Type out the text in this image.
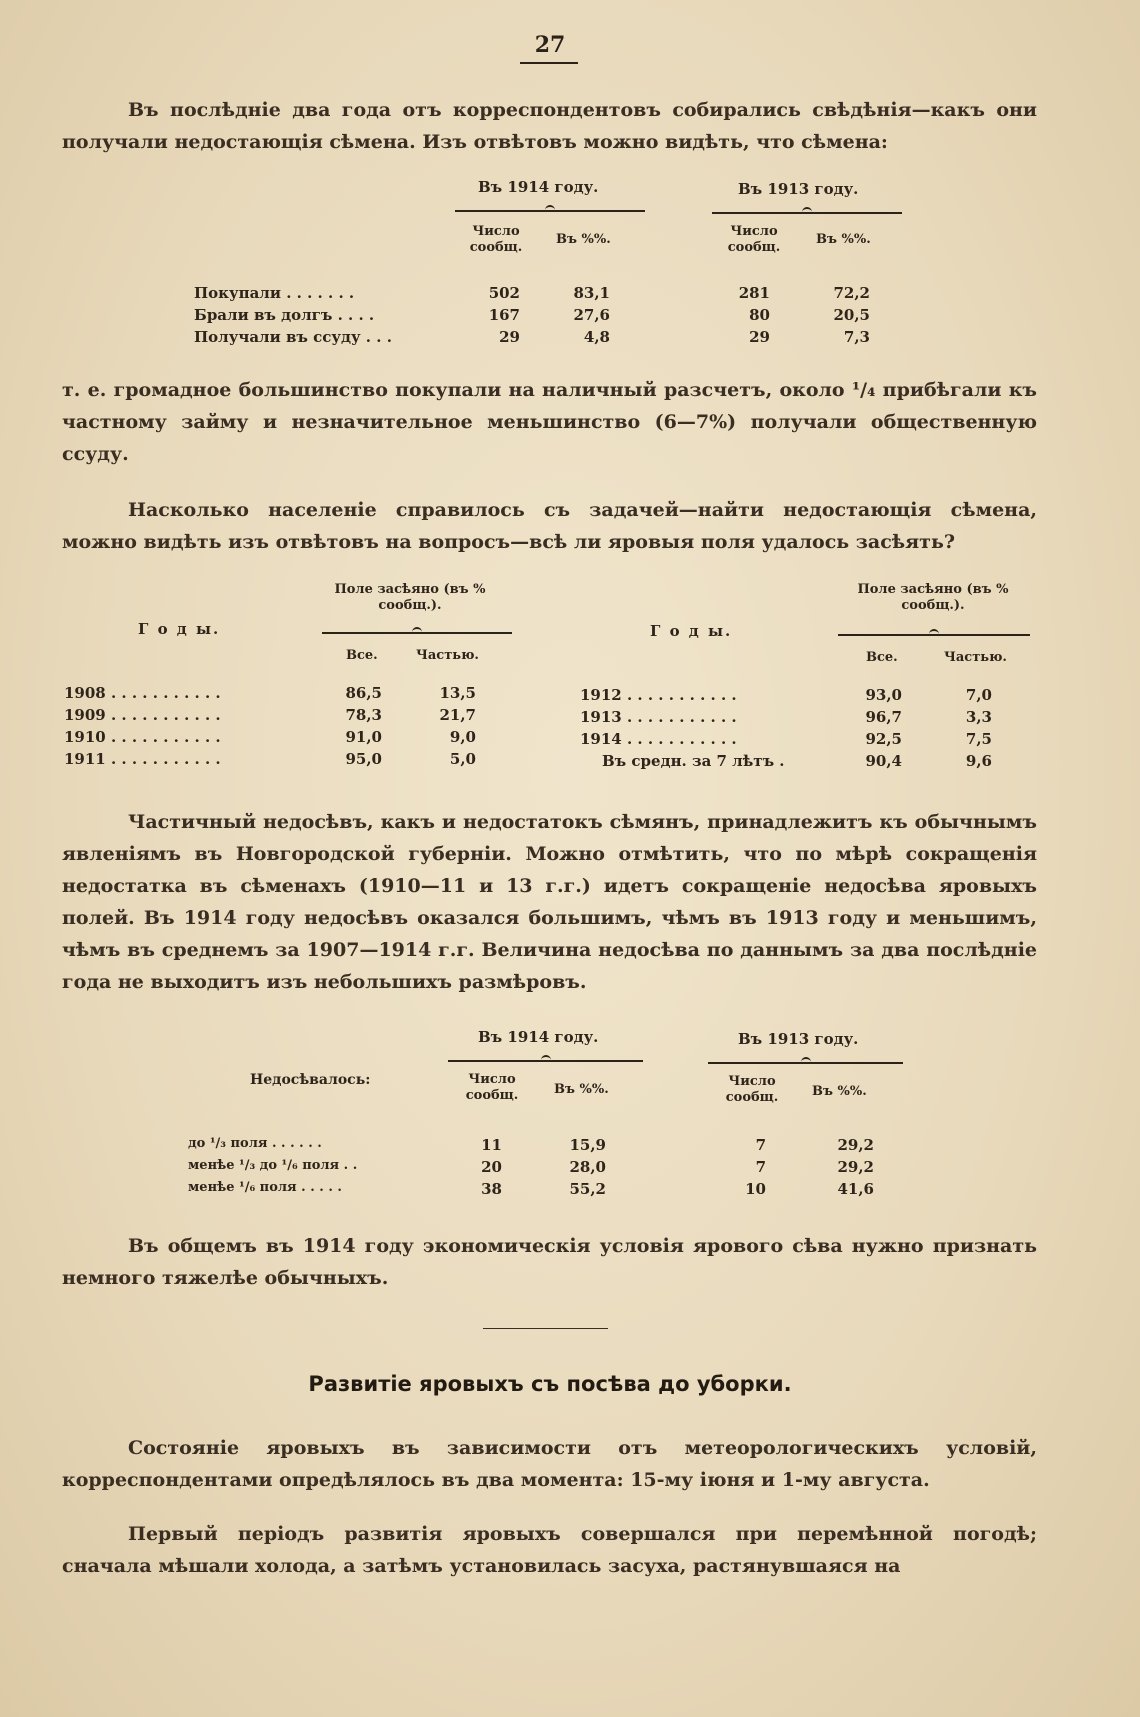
27
Въ послѣдніе два года отъ корреспондентовъ собирались свѣдѣнія—какъ они получали недостающія сѣмена. Изъ отвѣтовъ можно видѣть, что сѣмена:
Въ 1914 году.	Въ 1913 году.
Число сообщ.
Въ %%.
Число сообщ.
Въ %%.
Покупали . . . . . . .	502	83,1	281	72,2
Брали въ долгъ . . . .	167	27,6	80	20,5
Получали въ ссуду . . .	29	4,8	29	7,3
т. е. громадное большинство покупали на наличный разсчетъ, около ¹/₄ прибѣгали къ частному займу и незначительное меньшинство (6—7%) получали общественную ссуду.
Насколько населеніе справилось съ задачей—найти недостающія сѣмена, можно видѣть изъ отвѣтовъ на вопросъ—всѣ ли яровыя поля удалось засѣять?
Г о д ы.
Поле засѣяно (въ % сообщ.).
Все.	Частью.
Г о д ы.
Поле засѣяно (въ % сообщ.).
Все.	Частью.
1908 . . . . . . . . . . .	86,5	13,5
1909 . . . . . . . . . . .	78,3	21,7
1910 . . . . . . . . . . .	91,0	9,0
1911 . . . . . . . . . . .	95,0	5,0
1912 . . . . . . . . . . .	93,0	7,0
1913 . . . . . . . . . . .	96,7	3,3
1914 . . . . . . . . . . .	92,5	7,5
Въ средн. за 7 лѣтъ .	90,4	9,6
Частичный недосѣвъ, какъ и недостатокъ сѣмянъ, принадлежитъ къ обычнымъ явленіямъ въ Новгородской губерніи. Можно отмѣтить, что по мѣрѣ сокращенія недостатка въ сѣменахъ (1910—11 и 13 г.г.) идетъ сокращеніе недосѣва яровыхъ полей. Въ 1914 году недосѣвъ оказался большимъ, чѣмъ въ 1913 году и меньшимъ, чѣмъ въ среднемъ за 1907—1914 г.г. Величина недосѣва по даннымъ за два послѣдніе года не выходитъ изъ небольшихъ размѣровъ.
Въ 1914 году.	Въ 1913 году.
Недосѣвалось:	Число сообщ.	Въ %%.
Число сообщ.	Въ %%.
до ¹/₃ поля . . . . . .	11	15,9	7	29,2
менѣе ¹/₃ до ¹/₆ поля . .	20	28,0	7	29,2
менѣе ¹/₆ поля . . . . .	38	55,2	10	41,6
Въ общемъ въ 1914 году экономическія условія ярового сѣва нужно признать немного тяжелѣе обычныхъ.
Развитіе яровыхъ съ посѣва до уборки.
Состояніе яровыхъ въ зависимости отъ метеорологическихъ условій, корреспондентами опредѣлялось въ два момента: 15-му іюня и 1-му августа.
Первый періодъ развитія яровыхъ совершался при перемѣнной погодѣ; сначала мѣшали холода, а затѣмъ установилась засуха, растянувшаяся на
